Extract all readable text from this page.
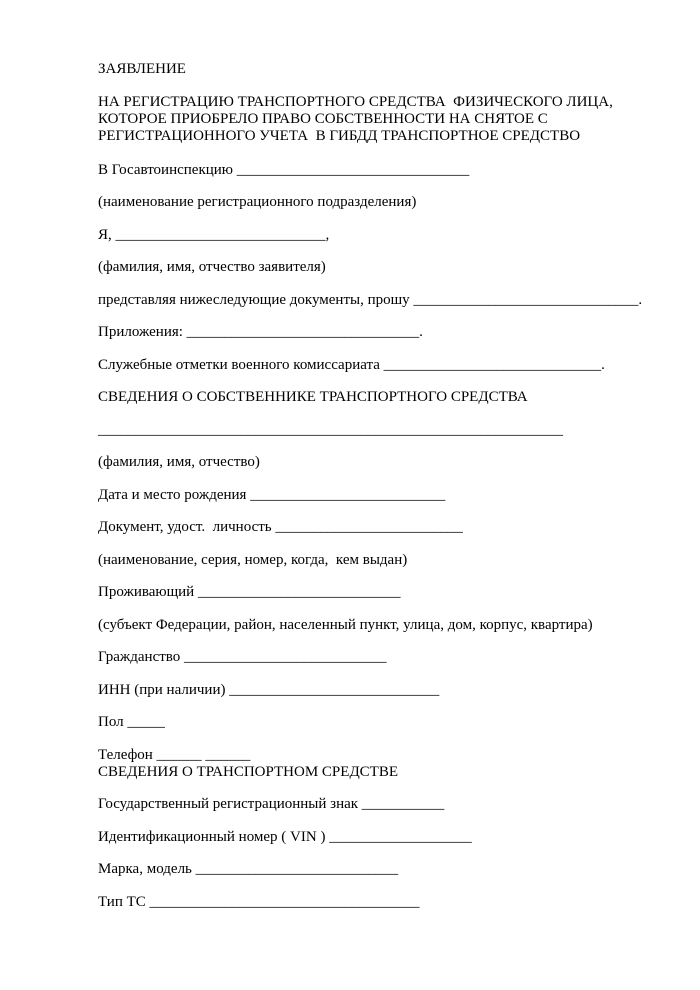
ЗАЯВЛЕНИЕ

НА РЕГИСТРАЦИЮ ТРАНСПОРТНОГО СРЕДСТВА  ФИЗИЧЕСКОГО ЛИЦА,
КОТОРОЕ ПРИОБРЕЛО ПРАВО СОБСТВЕННОСТИ НА СНЯТОЕ С
РЕГИСТРАЦИОННОГО УЧЕТА  В ГИБДД ТРАНСПОРТНОЕ СРЕДСТВО

В Госавтоинспекцию _______________________________

(наименование регистрационного подразделения)

Я, ____________________________,

(фамилия, имя, отчество заявителя)

представляя нижеследующие документы, прошу ______________________________.

Приложения: _______________________________.

Служебные отметки военного комиссариата _____________________________.

СВЕДЕНИЯ О СОБСТВЕННИКЕ ТРАНСПОРТНОГО СРЕДСТВА

______________________________________________________________

(фамилия, имя, отчество)

Дата и место рождения __________________________

Документ, удост.  личность _________________________

(наименование, серия, номер, когда,  кем выдан)

Проживающий ___________________________

(субъект Федерации, район, населенный пункт, улица, дом, корпус, квартира)

Гражданство ___________________________

ИНН (при наличии) ____________________________

Пол _____

Телефон ______ ______

СВЕДЕНИЯ О ТРАНСПОРТНОМ СРЕДСТВЕ

Государственный регистрационный знак ___________

Идентификационный номер ( VIN ) ___________________

Марка, модель ___________________________

Тип ТС ____________________________________
